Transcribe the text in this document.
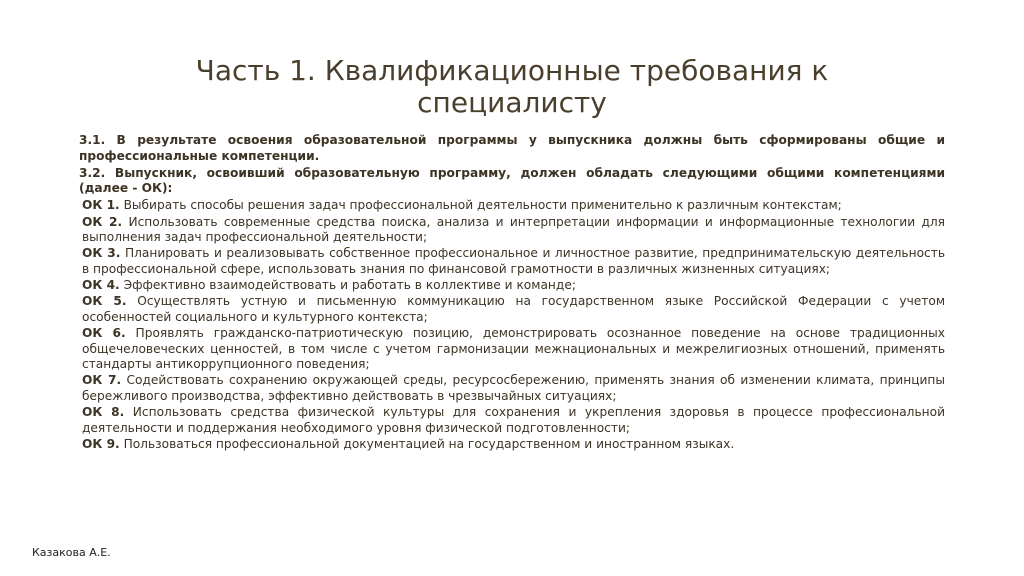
Часть 1. Квалификационные требования к специалисту

3.1. В результате освоения образовательной программы у выпускника должны быть сформированы общие и профессиональные компетенции.

3.2. Выпускник, освоивший образовательную программу, должен обладать следующими общими компетенциями (далее - ОК):

ОК 1. Выбирать способы решения задач профессиональной деятельности применительно к различным контекстам;

ОК 2. Использовать современные средства поиска, анализа и интерпретации информации и информационные технологии для выполнения задач профессиональной деятельности;

ОК 3. Планировать и реализовывать собственное профессиональное и личностное развитие, предпринимательскую деятельность в профессиональной сфере, использовать знания по финансовой грамотности в различных жизненных ситуациях;

ОК 4. Эффективно взаимодействовать и работать в коллективе и команде;

ОК 5. Осуществлять устную и письменную коммуникацию на государственном языке Российской Федерации с учетом особенностей социального и культурного контекста;

ОК 6. Проявлять гражданско-патриотическую позицию, демонстрировать осознанное поведение на основе традиционных общечеловеческих ценностей, в том числе с учетом гармонизации межнациональных и межрелигиозных отношений, применять стандарты антикоррупционного поведения;

ОК 7. Содействовать сохранению окружающей среды, ресурсосбережению, применять знания об изменении климата, принципы бережливого производства, эффективно действовать в чрезвычайных ситуациях;

ОК 8. Использовать средства физической культуры для сохранения и укрепления здоровья в процессе профессиональной деятельности и поддержания необходимого уровня физической подготовленности;

ОК 9. Пользоваться профессиональной документацией на государственном и иностранном языках.

Казакова А.Е.
